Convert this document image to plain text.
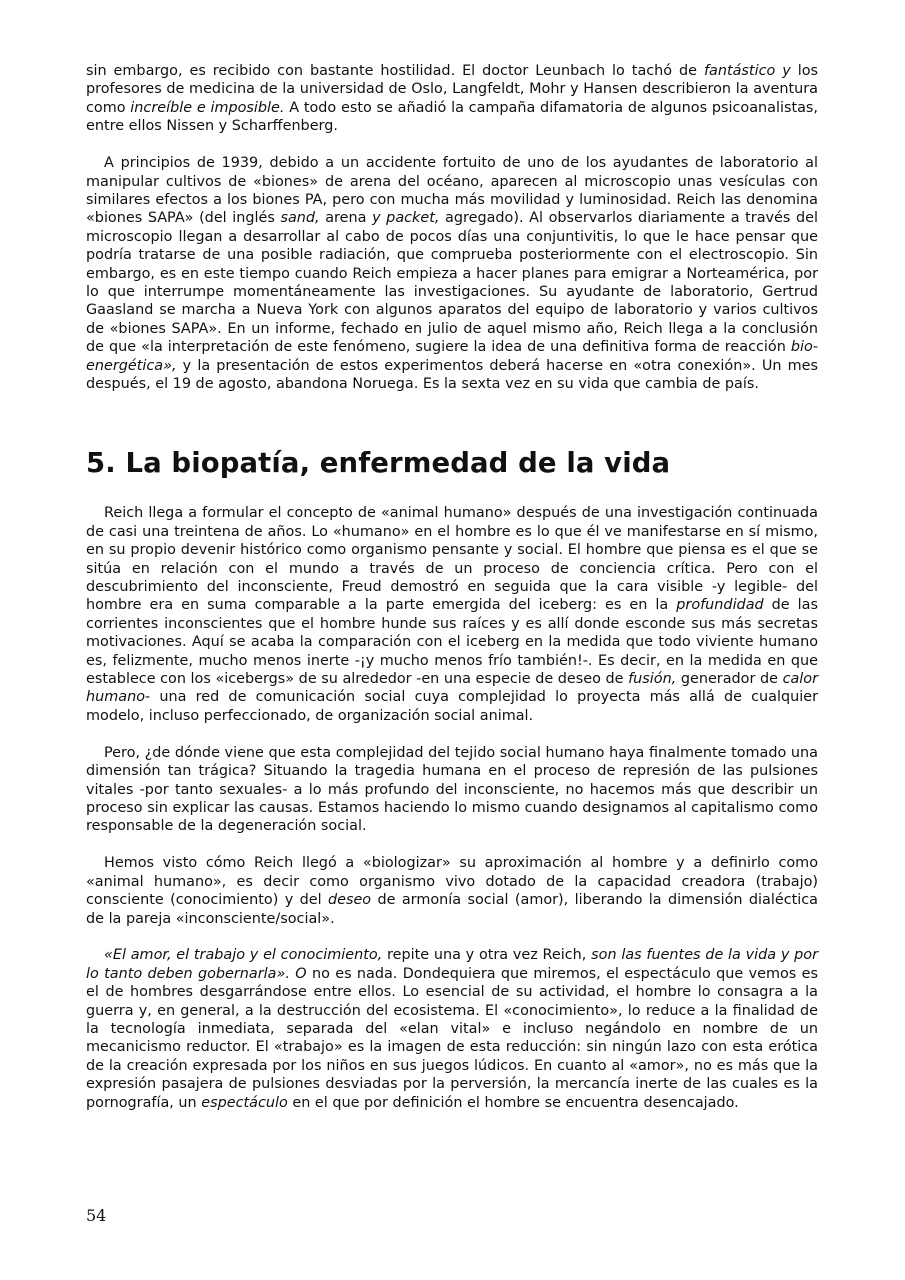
sin embargo, es recibido con bastante hostilidad. El doctor Leunbach lo tachó de fantástico y los profesores de medicina de la universidad de Oslo, Langfeldt, Mohr y Hansen describieron la aventura como increíble e imposible. A todo esto se añadió la campaña difamatoria de algunos psicoanalistas, entre ellos Nissen y Scharffenberg.

A principios de 1939, debido a un accidente fortuito de uno de los ayudantes de laboratorio al manipular cultivos de «biones» de arena del océano, aparecen al microscopio unas vesículas con similares efectos a los biones PA, pero con mucha más movilidad y luminosidad. Reich las denomina «biones SAPA» (del inglés sand, arena y packet, agregado). Al observarlos diariamente a través del microscopio llegan a desarrollar al cabo de pocos días una conjuntivitis, lo que le hace pensar que podría tratarse de una posible radiación, que comprueba posteriormente con el electroscopio. Sin embargo, es en este tiempo cuando Reich empieza a hacer planes para emigrar a Norteamérica, por lo que interrumpe momentáneamente las investigaciones. Su ayudante de laboratorio, Gertrud Gaasland se marcha a Nueva York con algunos aparatos del equipo de laboratorio y varios cultivos de «biones SAPA». En un informe, fechado en julio de aquel mismo año, Reich llega a la conclusión de que «la interpretación de este fenómeno, sugiere la idea de una definitiva forma de reacción bio-energética», y la presentación de estos experimentos deberá hacerse en «otra conexión». Un mes después, el 19 de agosto, abandona Noruega. Es la sexta vez en su vida que cambia de país.

5. La biopatía, enfermedad de la vida

Reich llega a formular el concepto de «animal humano» después de una investigación continuada de casi una treintena de años. Lo «humano» en el hombre es lo que él ve manifestarse en sí mismo, en su propio devenir histórico como organismo pensante y social. El hombre que piensa es el que se sitúa en relación con el mundo a través de un proceso de conciencia crítica. Pero con el descubrimiento del inconsciente, Freud demostró en seguida que la cara visible -y legible- del hombre era en suma comparable a la parte emergida del iceberg: es en la profundidad de las corrientes inconscientes que el hombre hunde sus raíces y es allí donde esconde sus más secretas motivaciones. Aquí se acaba la comparación con el iceberg en la medida que todo viviente humano es, felizmente, mucho menos inerte -¡y mucho menos frío también!-. Es decir, en la medida en que establece con los «icebergs» de su alrededor -en una especie de deseo de fusión, generador de calor humano- una red de comunicación social cuya complejidad lo proyecta más allá de cualquier modelo, incluso perfeccionado, de organización social animal.

Pero, ¿de dónde viene que esta complejidad del tejido social humano haya finalmente tomado una dimensión tan trágica? Situando la tragedia humana en el proceso de represión de las pulsiones vitales -por tanto sexuales- a lo más profundo del inconsciente, no hacemos más que describir un proceso sin explicar las causas. Estamos haciendo lo mismo cuando designamos al capitalismo como responsable de la degeneración social.

Hemos visto cómo Reich llegó a «biologizar» su aproximación al hombre y a definirlo como «animal humano», es decir como organismo vivo dotado de la capacidad creadora (trabajo) consciente (conocimiento) y del deseo de armonía social (amor), liberando la dimensión dialéctica de la pareja «inconsciente/social».

«El amor, el trabajo y el conocimiento, repite una y otra vez Reich, son las fuentes de la vida y por lo tanto deben gobernarla». O no es nada. Dondequiera que miremos, el espectáculo que vemos es el de hombres desgarrándose entre ellos. Lo esencial de su actividad, el hombre lo consagra a la guerra y, en general, a la destrucción del ecosistema. El «conocimiento», lo reduce a la finalidad de la tecnología inmediata, separada del «elan vital» e incluso negándolo en nombre de un mecanicismo reductor. El «trabajo» es la imagen de esta reducción: sin ningún lazo con esta erótica de la creación expresada por los niños en sus juegos lúdicos. En cuanto al «amor», no es más que la expresión pasajera de pulsiones desviadas por la perversión, la mercancía inerte de las cuales es la pornografía, un espectáculo en el que por definición el hombre se encuentra desencajado.

54
